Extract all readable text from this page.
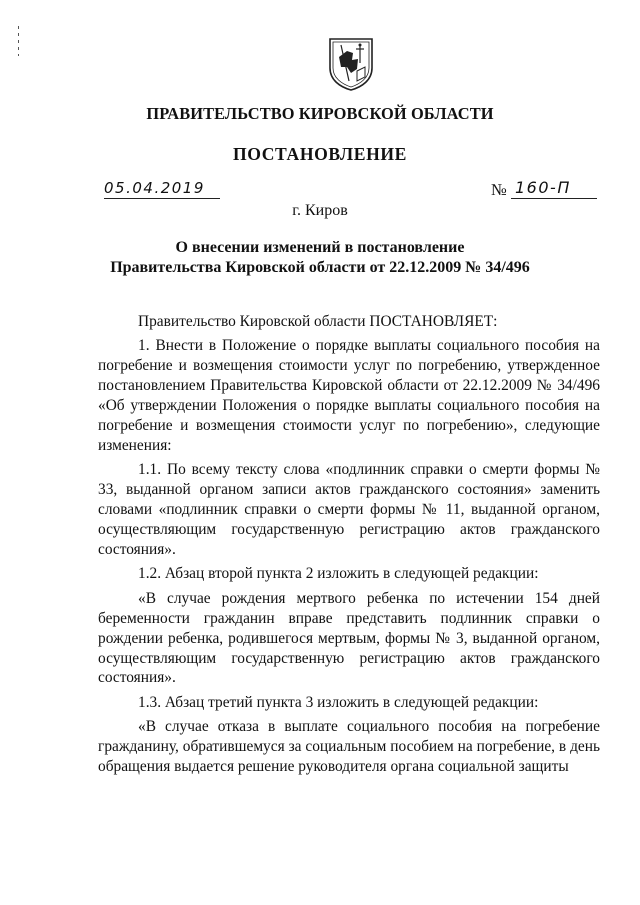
ПРАВИТЕЛЬСТВО КИРОВСКОЙ ОБЛАСТИ
ПОСТАНОВЛЕНИЕ
05.04.2019	№ 160-П
г. Киров
О внесении изменений в постановление
Правительства Кировской области от 22.12.2009 № 34/496

Правительство Кировской области ПОСТАНОВЛЯЕТ:

1. Внести в Положение о порядке выплаты социального пособия на погребение и возмещения стоимости услуг по погребению, утвержденное постановлением Правительства Кировской области от 22.12.2009 № 34/496 «Об утверждении Положения о порядке выплаты социального пособия на погребение и возмещения стоимости услуг по погребению», следующие изменения:

1.1. По всему тексту слова «подлинник справки о смерти формы № 33, выданной органом записи актов гражданского состояния» заменить словами «подлинник справки о смерти формы № 11, выданной органом, осуществляющим государственную регистрацию актов гражданского состояния».

1.2. Абзац второй пункта 2 изложить в следующей редакции:

«В случае рождения мертвого ребенка по истечении 154 дней беременности гражданин вправе представить подлинник справки о рождении ребенка, родившегося мертвым, формы № 3, выданной органом, осуществляющим государственную регистрацию актов гражданского состояния».

1.3. Абзац третий пункта 3 изложить в следующей редакции:

«В случае отказа в выплате социального пособия на погребение гражданину, обратившемуся за социальным пособием на погребение, в день обращения выдается решение руководителя органа социальной защиты
